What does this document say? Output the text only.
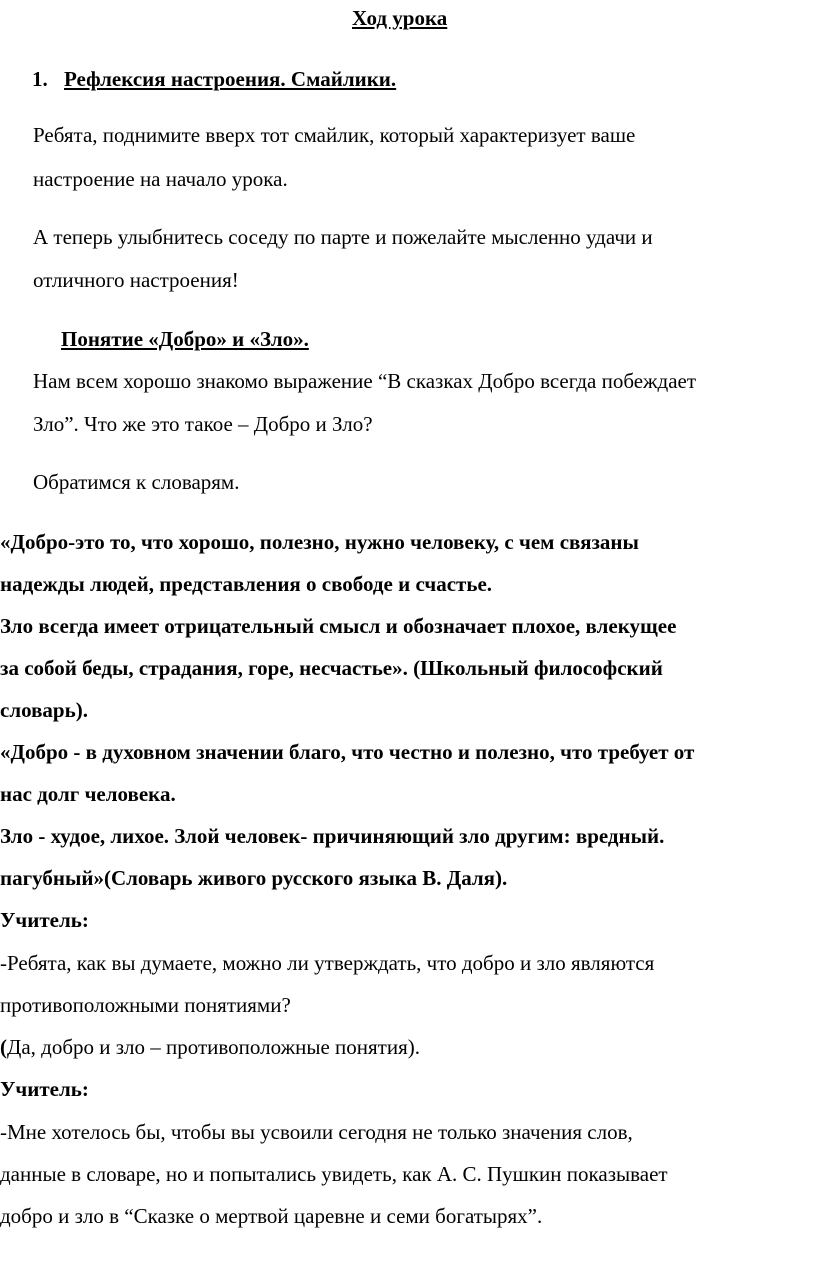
Ход урока
1. Рефлексия настроения. Смайлики.
Ребята, поднимите вверх тот смайлик, который характеризует ваше
настроение на начало урока.
А теперь улыбнитесь соседу по парте и пожелайте мысленно удачи и
отличного настроения!
Понятие «Добро» и «Зло».
Нам всем хорошо знакомо выражение “В сказках Добро всегда побеждает
Зло”. Что же это такое – Добро и Зло?
Обратимся к словарям.
«Добро-это то, что хорошо, полезно, нужно человеку, с чем связаны
надежды людей, представления о свободе и счастье.
Зло всегда имеет отрицательный смысл и обозначает плохое, влекущее
за собой беды, страдания, горе, несчастье». (Школьный философский
словарь).
«Добро - в духовном значении благо, что честно и полезно, что требует от
нас долг человека.
Зло - худое, лихое. Злой человек- причиняющий зло другим: вредный.
пагубный»(Словарь живого русского языка В. Даля).
Учитель:
-Ребята, как вы думаете, можно ли утверждать, что добро и зло являются
противоположными понятиями?
(Да, добро и зло – противоположные понятия).
Учитель:
-Мне хотелось бы, чтобы вы усвоили сегодня не только значения слов,
данные в словаре, но и попытались увидеть, как А. С. Пушкин показывает
добро и зло в “Сказке о мертвой царевне и семи богатырях”.
